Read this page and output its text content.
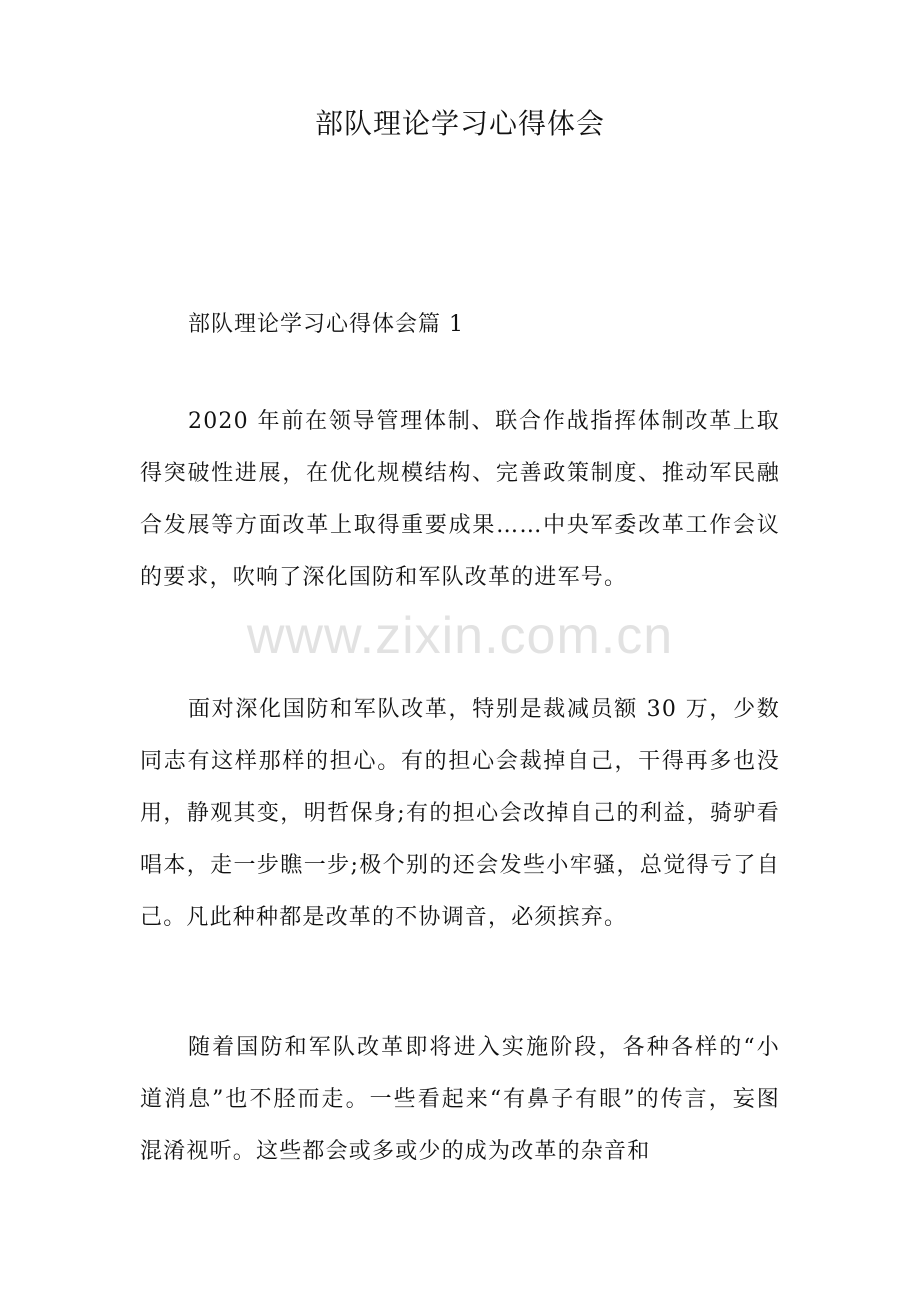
部队理论学习心得体会
部队理论学习心得体会篇 1

2020 年前在领导管理体制、联合作战指挥体制改革上取得突破性进展，在优化规模结构、完善政策制度、推动军民融合发展等方面改革上取得重要成果……中央军委改革工作会议的要求，吹响了深化国防和军队改革的进军号。

www.zixin.com.cn

面对深化国防和军队改革，特别是裁减员额 30 万，少数同志有这样那样的担心。有的担心会裁掉自己，干得再多也没用，静观其变，明哲保身;有的担心会改掉自己的利益，骑驴看唱本，走一步瞧一步;极个别的还会发些小牢骚，总觉得亏了自己。凡此种种都是改革的不协调音，必须摈弃。

随着国防和军队改革即将进入实施阶段，各种各样的“小道消息”也不胫而走。一些看起来“有鼻子有眼”的传言，妄图混淆视听。这些都会或多或少的成为改革的杂音和
